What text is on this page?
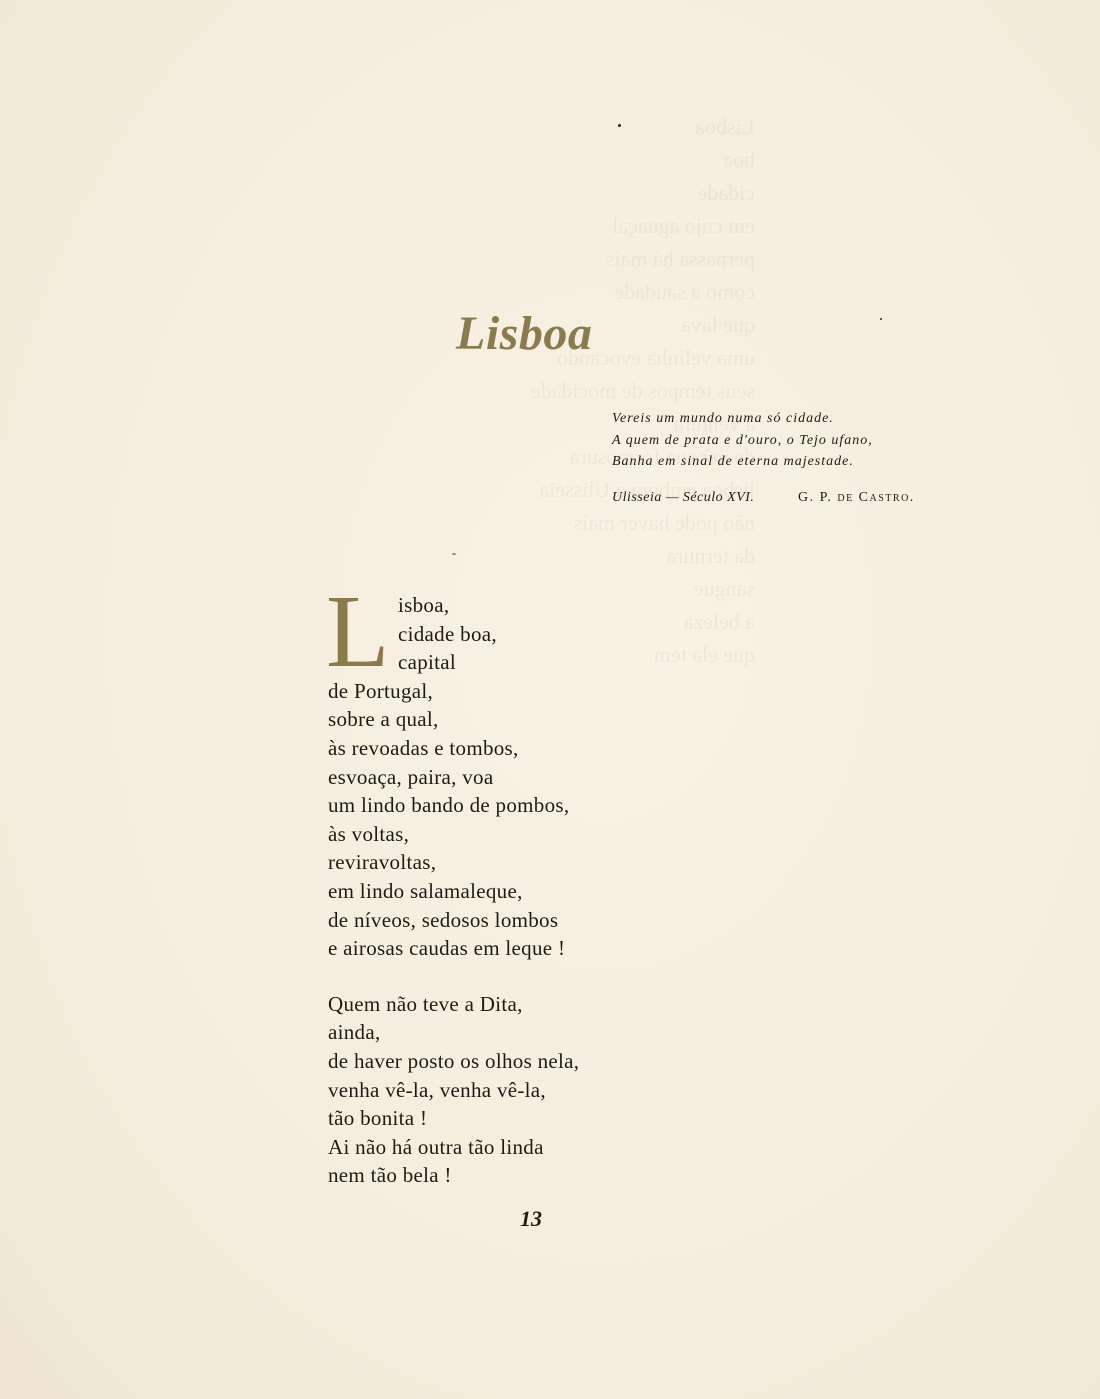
Lisboa
Vereis um mundo numa só cidade.
A quem de prata e d'ouro, o Tejo ufano,
Banha em sinal de eterna majestade.
Ulisseia — Século XVI.	G. P. de Castro.
L isboa,
cidade boa,
capital
de Portugal,
sobre a qual,
às revoadas e tombos,
esvoaça, paira, voa
um lindo bando de pombos,
às voltas,
reviravoltas,
em lindo salamaleque,
de níveos, sedosos lombos
e airosas caudas em leque !
Quem não teve a Dita,
ainda,
de haver posto os olhos nela,
venha vê-la, venha vê-la,
tão bonita !
Ai não há outra tão linda
nem tão bela !
13
